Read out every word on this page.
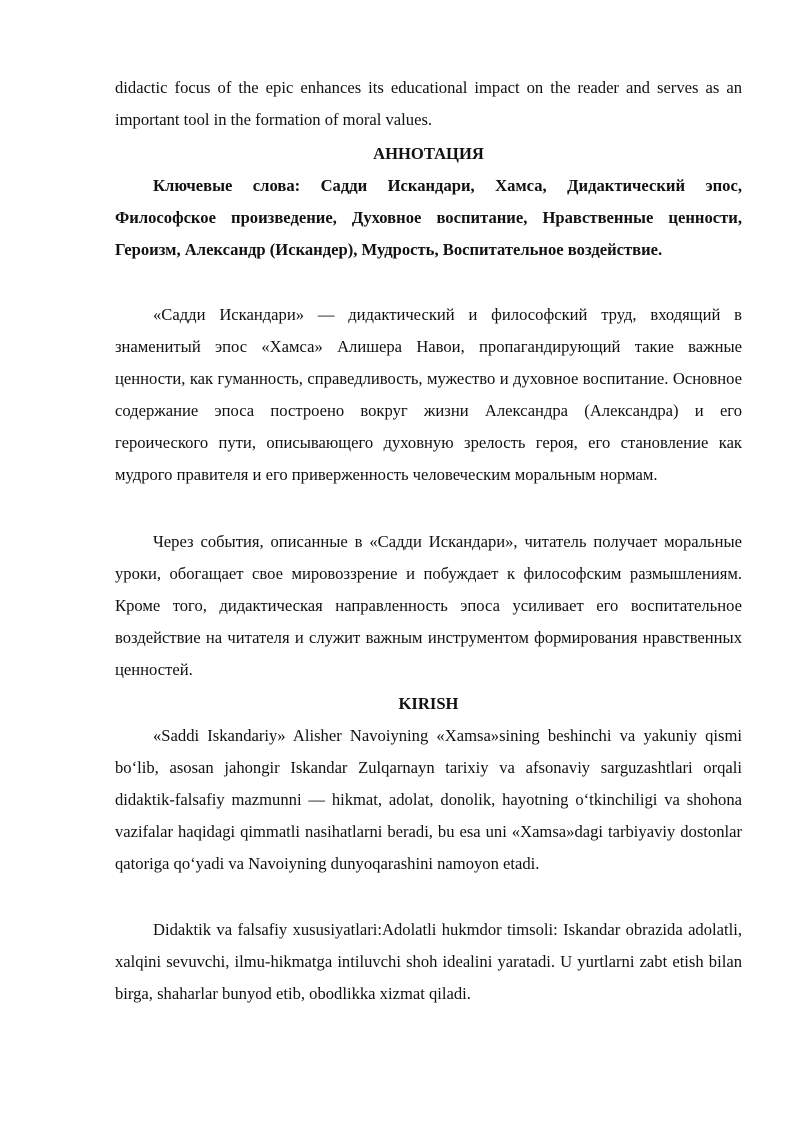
didactic focus of the epic enhances its educational impact on the reader and serves as an important tool in the formation of moral values.

АННОТАЦИЯ

Ключевые слова: Садди Искандари, Хамса, Дидактический эпос, Философское произведение, Духовное воспитание, Нравственные ценности, Героизм, Александр (Искандер), Мудрость, Воспитательное воздействие.

«Садди Искандари» — дидактический и философский труд, входящий в знаменитый эпос «Хамса» Алишера Навои, пропагандирующий такие важные ценности, как гуманность, справедливость, мужество и духовное воспитание. Основное содержание эпоса построено вокруг жизни Александра (Александра) и его героического пути, описывающего духовную зрелость героя, его становление как мудрого правителя и его приверженность человеческим моральным нормам.

Через события, описанные в «Садди Искандари», читатель получает моральные уроки, обогащает свое мировоззрение и побуждает к философским размышлениям. Кроме того, дидактическая направленность эпоса усиливает его воспитательное воздействие на читателя и служит важным инструментом формирования нравственных ценностей.

KIRISH

«Saddi Iskandariy» Alisher Navoiyning «Xamsa»sining beshinchi va yakuniy qismi bo‘lib, asosan jahongir Iskandar Zulqarnayn tarixiy va afsonaviy sarguzashtlari orqali didaktik-falsafiy mazmunni — hikmat, adolat, donolik, hayotning o‘tkinchiligi va shohona vazifalar haqidagi qimmatli nasihatlarni beradi, bu esa uni «Xamsa»dagi tarbiyaviy dostonlar qatoriga qo‘yadi va Navoiyning dunyoqarashini namoyon etadi.

Didaktik va falsafiy xususiyatlari:Adolatli hukmdor timsoli: Iskandar obrazida adolatli, xalqini sevuvchi, ilmu-hikmatga intiluvchi shoh idealini yaratadi. U yurtlarni zabt etish bilan birga, shaharlar bunyod etib, obodlikka xizmat qiladi.
